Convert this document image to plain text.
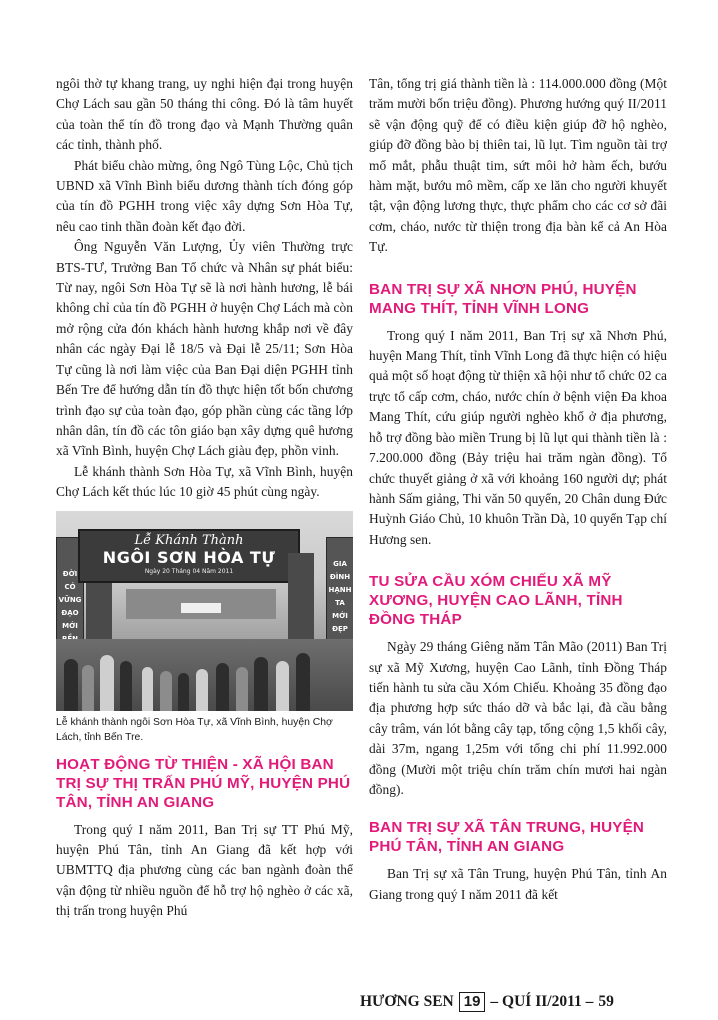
ngôi thờ tự khang trang, uy nghi hiện đại trong huyện Chợ Lách sau gần 50 tháng thi công. Đó là tâm huyết của toàn thể tín đồ trong đạo và Mạnh Thường quân các tỉnh, thành phố.

Phát biểu chào mừng, ông Ngô Tùng Lộc, Chủ tịch UBND xã Vĩnh Bình biểu dương thành tích đóng góp của tín đồ PGHH trong việc xây dựng Sơn Hòa Tự, nêu cao tinh thần đoàn kết đạo đời.

Ông Nguyễn Văn Lượng, Ủy viên Thường trực BTS-TƯ, Trưởng Ban Tổ chức và Nhân sự phát biểu: Từ nay, ngôi Sơn Hòa Tự sẽ là nơi hành hương, lễ bái không chỉ của tín đồ PGHH ở huyện Chợ Lách mà còn mở rộng cửa đón khách hành hương khắp nơi về đây nhân các ngày Đại lễ 18/5 và Đại lễ 25/11; Sơn Hòa Tự cũng là nơi làm việc của Ban Đại diện PGHH tỉnh Bến Tre để hướng dẫn tín đồ thực hiện tốt bốn chương trình đạo sự của toàn đạo, góp phần cùng các tầng lớp nhân dân, tín đồ các tôn giáo bạn xây dựng quê hương xã Vĩnh Bình, huyện Chợ Lách giàu đẹp, phồn vinh.

Lễ khánh thành Sơn Hòa Tự, xã Vĩnh Bình, huyện Chợ Lách kết thúc lúc 10 giờ 45 phút cùng ngày.

ĐỜI
CÓ
VỮNG
ĐẠO
MỚI
Lễ Khánh Thành
NGÔI SƠN HÒA TỰ
Ngày 20 Tháng 04 Năm 2011
GIA
ĐÌNH
HẠNH
TA
MỚI
ĐẸP

Lễ khánh thành ngôi Sơn Hòa Tự, xã Vĩnh Bình, huyện Chợ Lách, tỉnh Bến Tre.

HOẠT ĐỘNG TỪ THIỆN - XÃ HỘI BAN TRỊ SỰ THỊ TRẤN PHÚ MỸ, HUYỆN PHÚ TÂN, TỈNH AN GIANG

Trong quý I năm 2011, Ban Trị sự TT Phú Mỹ, huyện Phú Tân, tỉnh An Giang đã kết hợp với UBMTTQ địa phương cùng các ban ngành đoàn thể vận động từ nhiều nguồn để hỗ trợ hộ nghèo ở các xã, thị trấn trong huyện Phú

Tân, tổng trị giá thành tiền là : 114.000.000 đồng (Một trăm mười bốn triệu đồng). Phương hướng quý II/2011 sẽ vận động quỹ để có điều kiện giúp đỡ hộ nghèo, giúp đỡ đồng bào bị thiên tai, lũ lụt. Tìm nguồn tài trợ mổ mắt, phẫu thuật tim, sứt môi hở hàm ếch, bướu hàm mặt, bướu mô mềm, cấp xe lăn cho người khuyết tật, vận động lương thực, thực phẩm cho các cơ sở đãi cơm, cháo, nước từ thiện trong địa bàn kể cả An Hòa Tự.

BAN TRỊ SỰ XÃ NHƠN PHÚ, HUYỆN MANG THÍT, TỈNH VĨNH LONG

Trong quý I năm 2011, Ban Trị sự xã Nhơn Phú, huyện Mang Thít, tỉnh Vĩnh Long đã thực hiện có hiệu quả một số hoạt động từ thiện xã hội như tổ chức 02 ca trực tổ cấp cơm, cháo, nước chín ở bệnh viện Đa khoa Mang Thít, cứu giúp người nghèo khổ ở địa phương, hỗ trợ đồng bào miền Trung bị lũ lụt qui thành tiền là : 7.200.000 đồng (Bảy triệu hai trăm ngàn đồng). Tổ chức thuyết giảng ở xã với khoảng 160 người dự; phát hành Sấm giảng, Thi văn 50 quyển, 20 Chân dung Đức Huỳnh Giáo Chủ, 10 khuôn Trần Dà, 10 quyển Tạp chí Hương sen.

TU SỬA CẦU XÓM CHIẾU XÃ MỸ XƯƠNG, HUYỆN CAO LÃNH, TỈNH ĐỒNG THÁP

Ngày 29 tháng Giêng năm Tân Mão (2011) Ban Trị sự xã Mỹ Xương, huyện Cao Lãnh, tỉnh Đồng Tháp tiến hành tu sửa cầu Xóm Chiếu. Khoảng 35 đồng đạo địa phương hợp sức tháo dỡ và bắc lại, đà cầu bằng cây trâm, ván lót bằng cây tạp, tổng cộng 1,5 khối cây, dài 37m, ngang 1,25m với tổng chi phí 11.992.000 đồng (Mười một triệu chín trăm chín mươi hai ngàn đồng).

BAN TRỊ SỰ XÃ TÂN TRUNG, HUYỆN PHÚ TÂN, TỈNH AN GIANG

Ban Trị sự xã Tân Trung, huyện Phú Tân, tỉnh An Giang trong quý I năm 2011 đã kết

HƯƠNG SEN 19 – QUÍ II/2011 – 59
